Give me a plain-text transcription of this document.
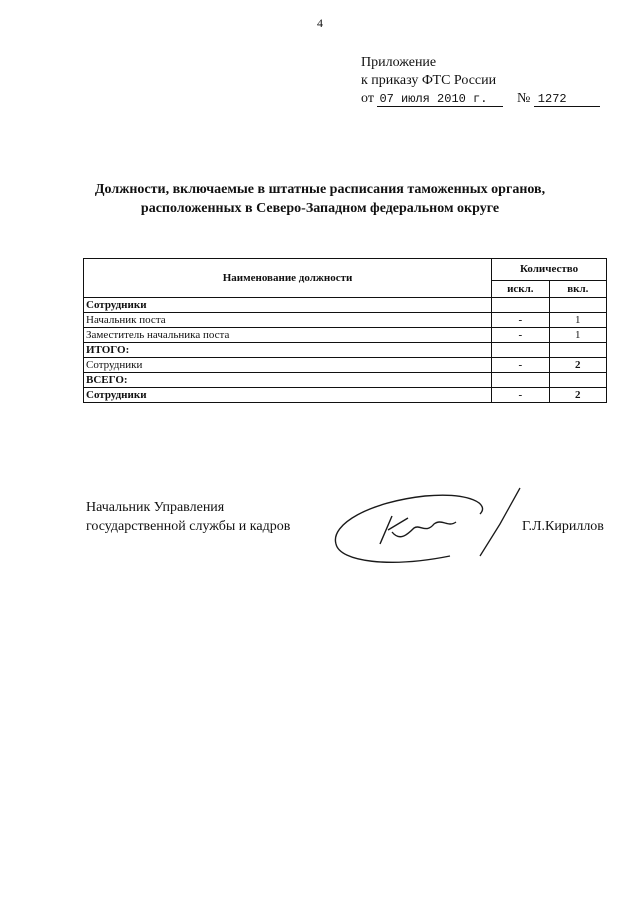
4
Приложение
к приказу ФТС России
от 07 июля 2010 г. № 1272
Должности, включаемые в штатные расписания таможенных органов,
расположенных в Северо-Западном федеральном округе
Наименование должности	Количество	
	искл.	вкл.
Сотрудники		
Начальник поста	-	1
Заместитель начальника поста	-	1
ИТОГО:		
Сотрудники	-	2
ВСЕГО:		
Сотрудники	-	2
Начальник Управления
государственной службы и кадров	Г.Л.Кириллов
